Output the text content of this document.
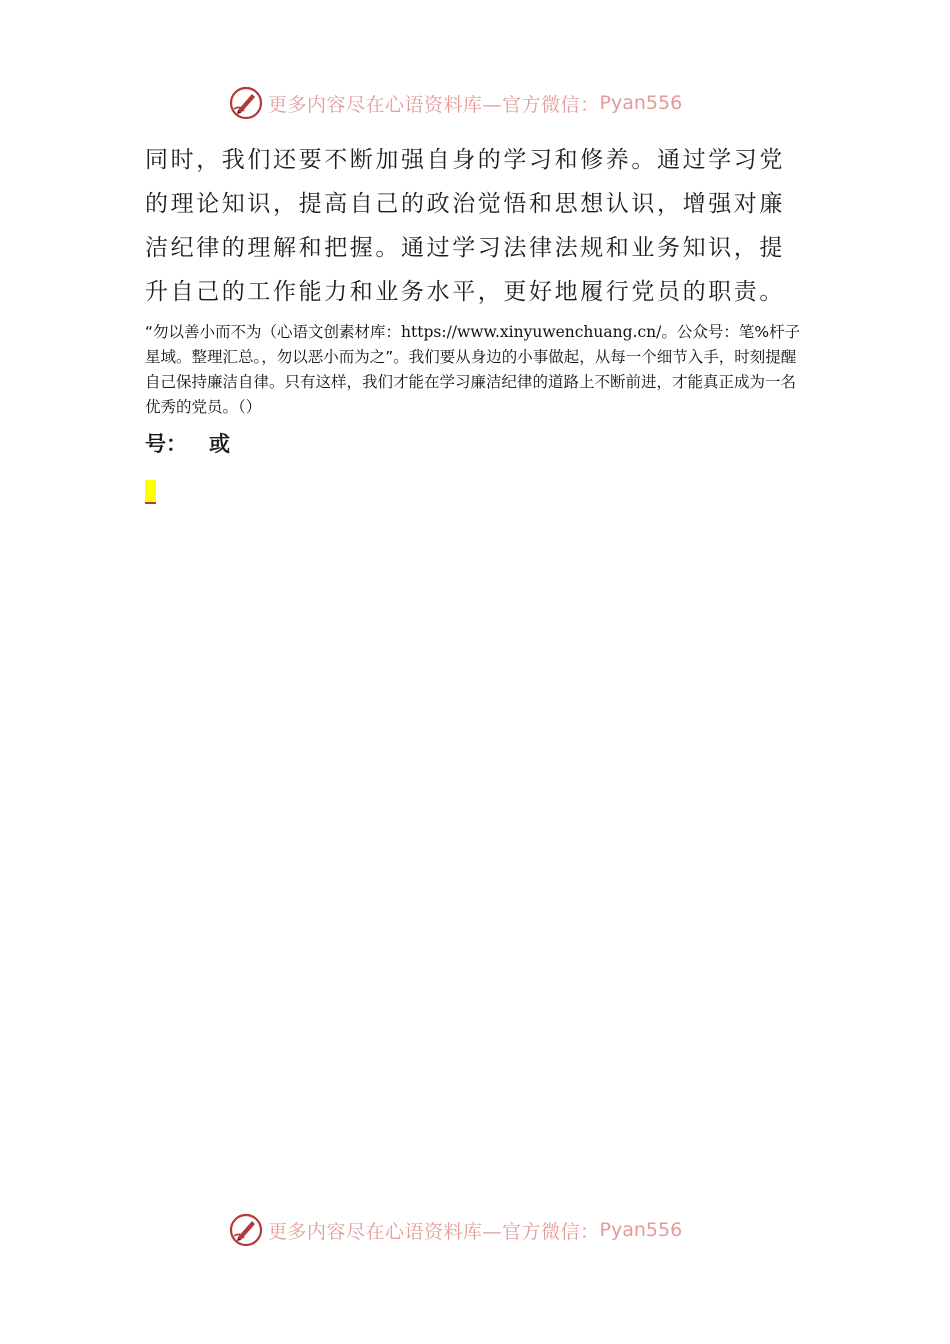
更多内容尽在心语资料库—官方微信： Pyan556

同时，我们还要不断加强自身的学习和修养。通过学习党的理论知识，提高自己的政治觉悟和思想认识，增强对廉洁纪律的理解和把握。通过学习法律法规和业务知识，提升自己的工作能力和业务水平，更好地履行党员的职责。

“勿以善小而不为（心语文创素材库：https://www.xinyuwenchuang.cn/。公众号：笔%杆子星域。整理汇总。，勿以恶小而为之”。我们要从身边的小事做起，从每一个细节入手，时刻提醒自己保持廉洁自律。只有这样，我们才能在学习廉洁纪律的道路上不断前进，才能真正成为一名优秀的党员。（）

号： 或
更多内容尽在心语资料库—官方微信： Pyan556
